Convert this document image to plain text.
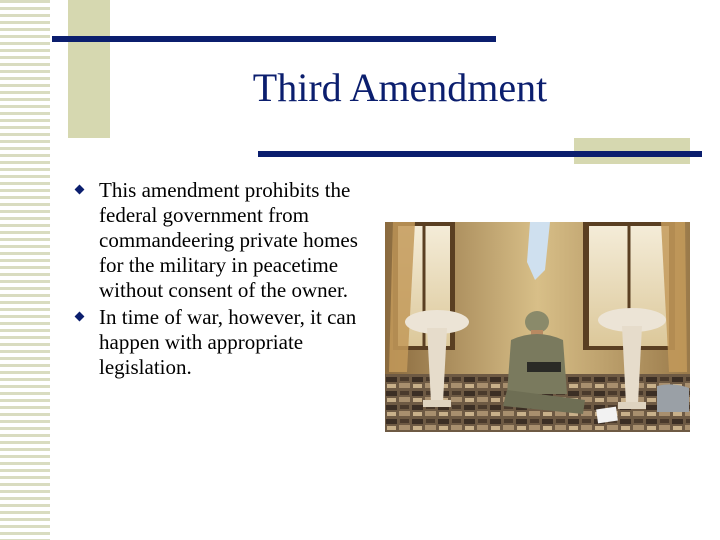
Third Amendment
This amendment prohibits the federal government from commandeering private homes for the military in peacetime without consent of the owner.
In time of war, however, it can happen with appropriate legislation.
